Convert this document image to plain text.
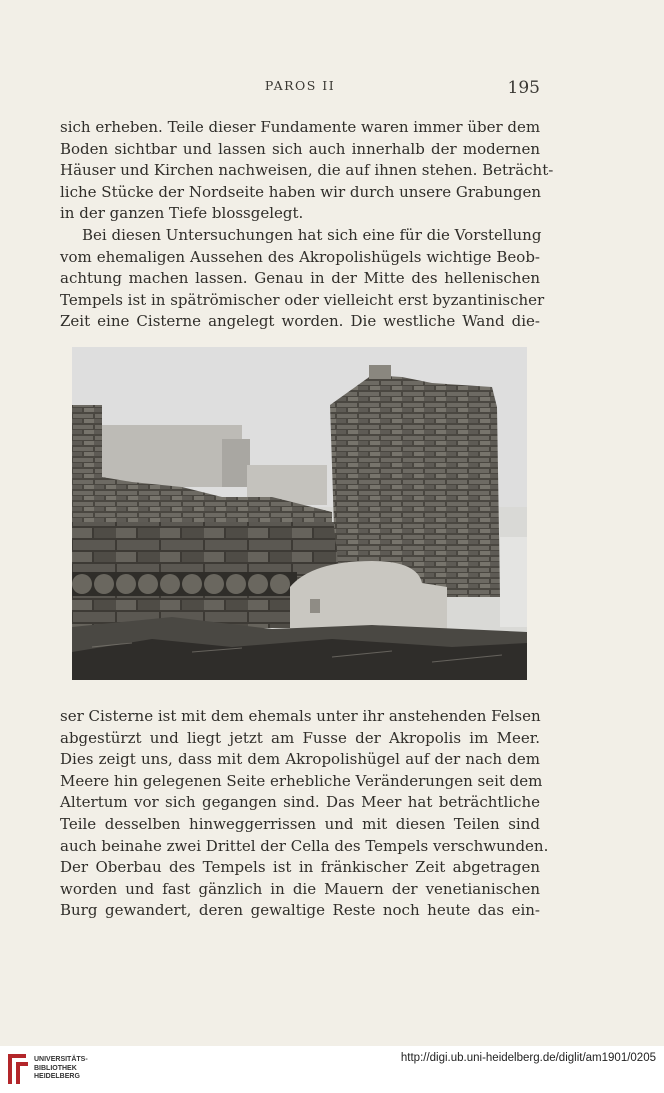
PAROS II	195
sich erheben. Teile dieser Fundamente waren immer über dem
Boden sichtbar und lassen sich auch innerhalb der modernen
Häuser und Kirchen nachweisen, die auf ihnen stehen. Beträcht-
liche Stücke der Nordseite haben wir durch unsere Grabungen
in der ganzen Tiefe blossgelegt.
Bei diesen Untersuchungen hat sich eine für die Vorstellung
vom ehemaligen Aussehen des Akropolishügels wichtige Beob-
achtung machen lassen. Genau in der Mitte des hellenischen
Tempels ist in spätrömischer oder vielleicht erst byzantinischer
Zeit eine Cisterne angelegt worden. Die westliche Wand die-
ser Cisterne ist mit dem ehemals unter ihr anstehenden Felsen
abgestürzt und liegt jetzt am Fusse der Akropolis im Meer.
Dies zeigt uns, dass mit dem Akropolishügel auf der nach dem
Meere hin gelegenen Seite erhebliche Veränderungen seit dem
Altertum vor sich gegangen sind. Das Meer hat beträchtliche
Teile desselben hinweggerrissen und mit diesen Teilen sind
auch beinahe zwei Drittel der Cella des Tempels verschwunden.
Der Oberbau des Tempels ist in fränkischer Zeit abgetragen
worden und fast gänzlich in die Mauern der venetianischen
Burg gewandert, deren gewaltige Reste noch heute das ein-
UNIVERSITÄTS-
BIBLIOTHEK
HEIDELBERG
http://digi.ub.uni-heidelberg.de/diglit/am1901/0205
